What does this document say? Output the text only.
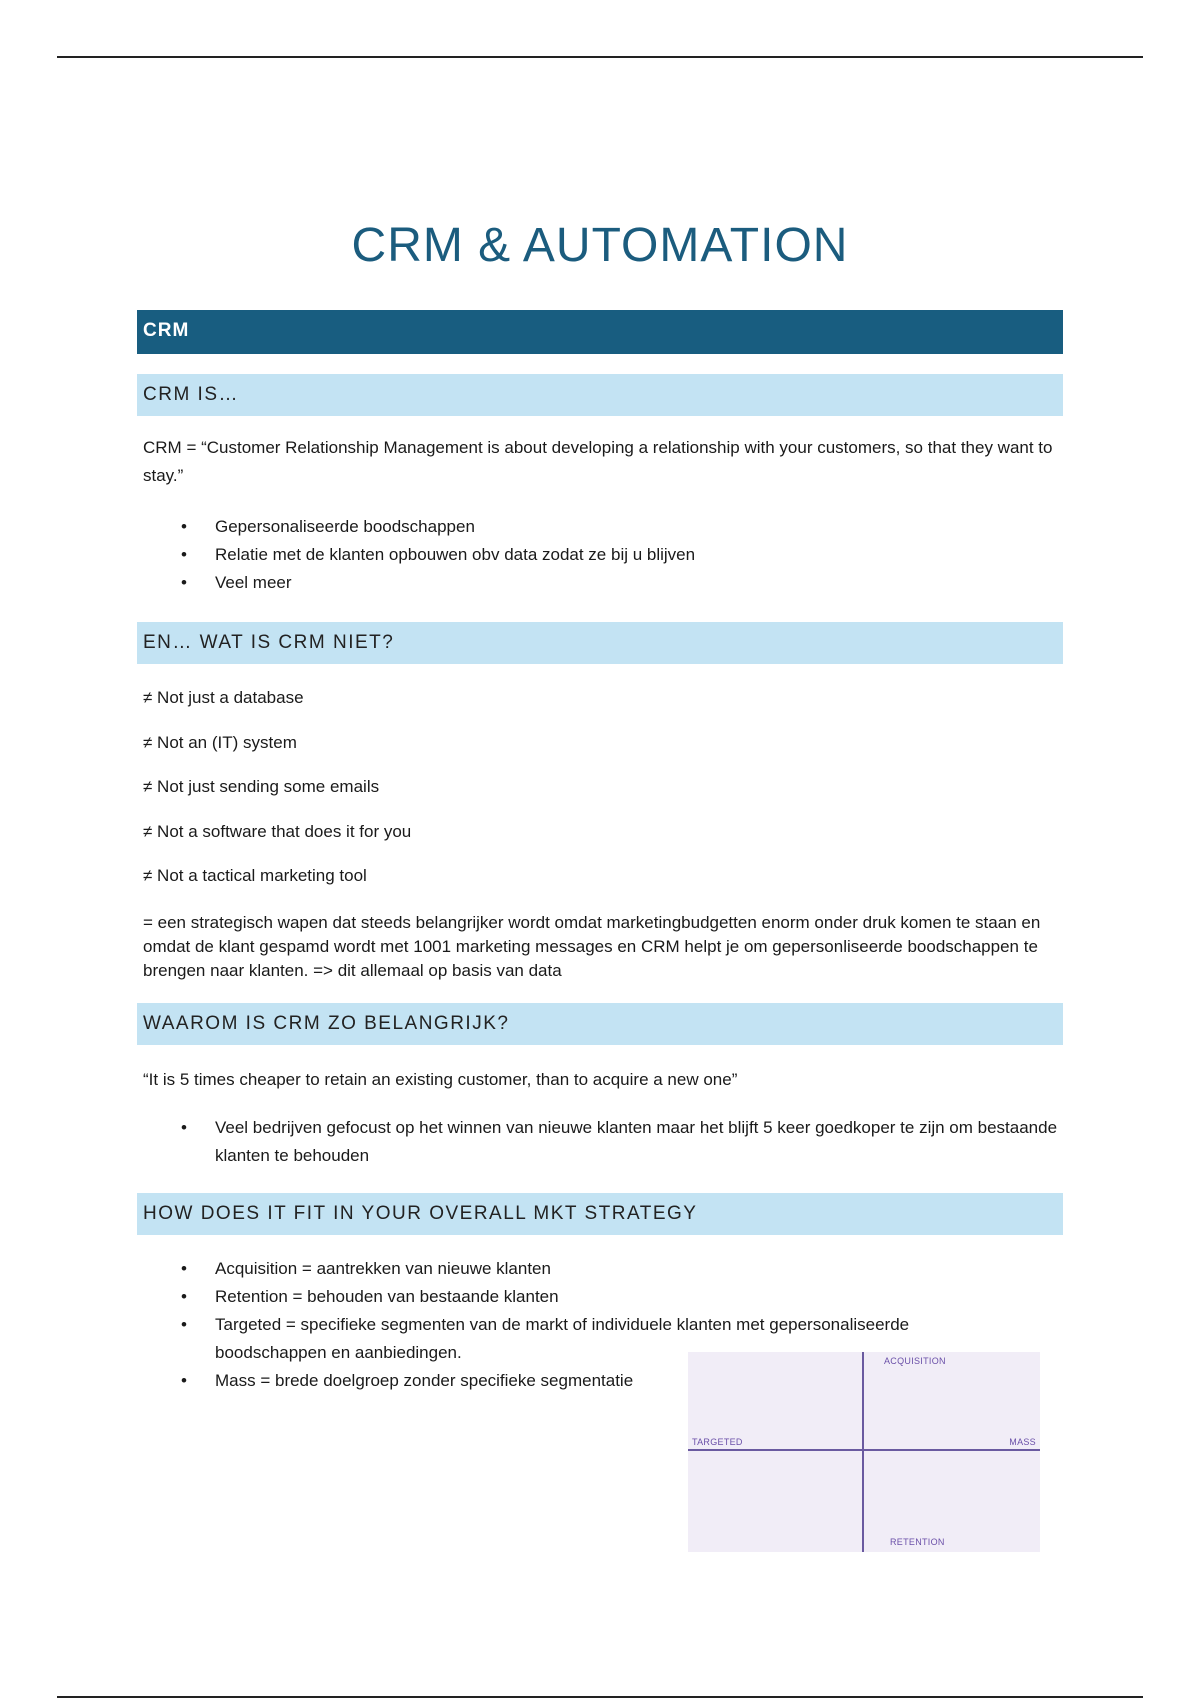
CRM & AUTOMATION
CRM
CRM IS…

CRM = “Customer Relationship Management is about developing a relationship with your customers, so that they want to stay.”

• Gepersonaliseerde boodschappen
• Relatie met de klanten opbouwen obv data zodat ze bij u blijven
• Veel meer
EN… WAT IS CRM NIET?
≠ Not just a database
≠ Not an (IT) system
≠ Not just sending some emails
≠ Not a software that does it for you
≠ Not a tactical marketing tool

= een strategisch wapen dat steeds belangrijker wordt omdat marketingbudgetten enorm onder druk komen te staan en omdat de klant gespamd wordt met 1001 marketing messages en CRM helpt je om gepersonliseerde boodschappen te brengen naar klanten. => dit allemaal op basis van data

WAAROM IS CRM ZO BELANGRIJK?

“It is 5 times cheaper to retain an existing customer, than to acquire a new one”

• Veel bedrijven gefocust op het winnen van nieuwe klanten maar het blijft 5 keer goedkoper te zijn om bestaande klanten te behouden
HOW DOES IT FIT IN YOUR OVERALL MKT STRATEGY
• Acquisition = aantrekken van nieuwe klanten
• Retention = behouden van bestaande klanten
• Targeted = specifieke segmenten van de markt of individuele klanten met gepersonaliseerde boodschappen en aanbiedingen.
• Mass = brede doelgroep zonder specifieke segmentatie
ACQUISITION
RETENTION
TARGETED	MASS
